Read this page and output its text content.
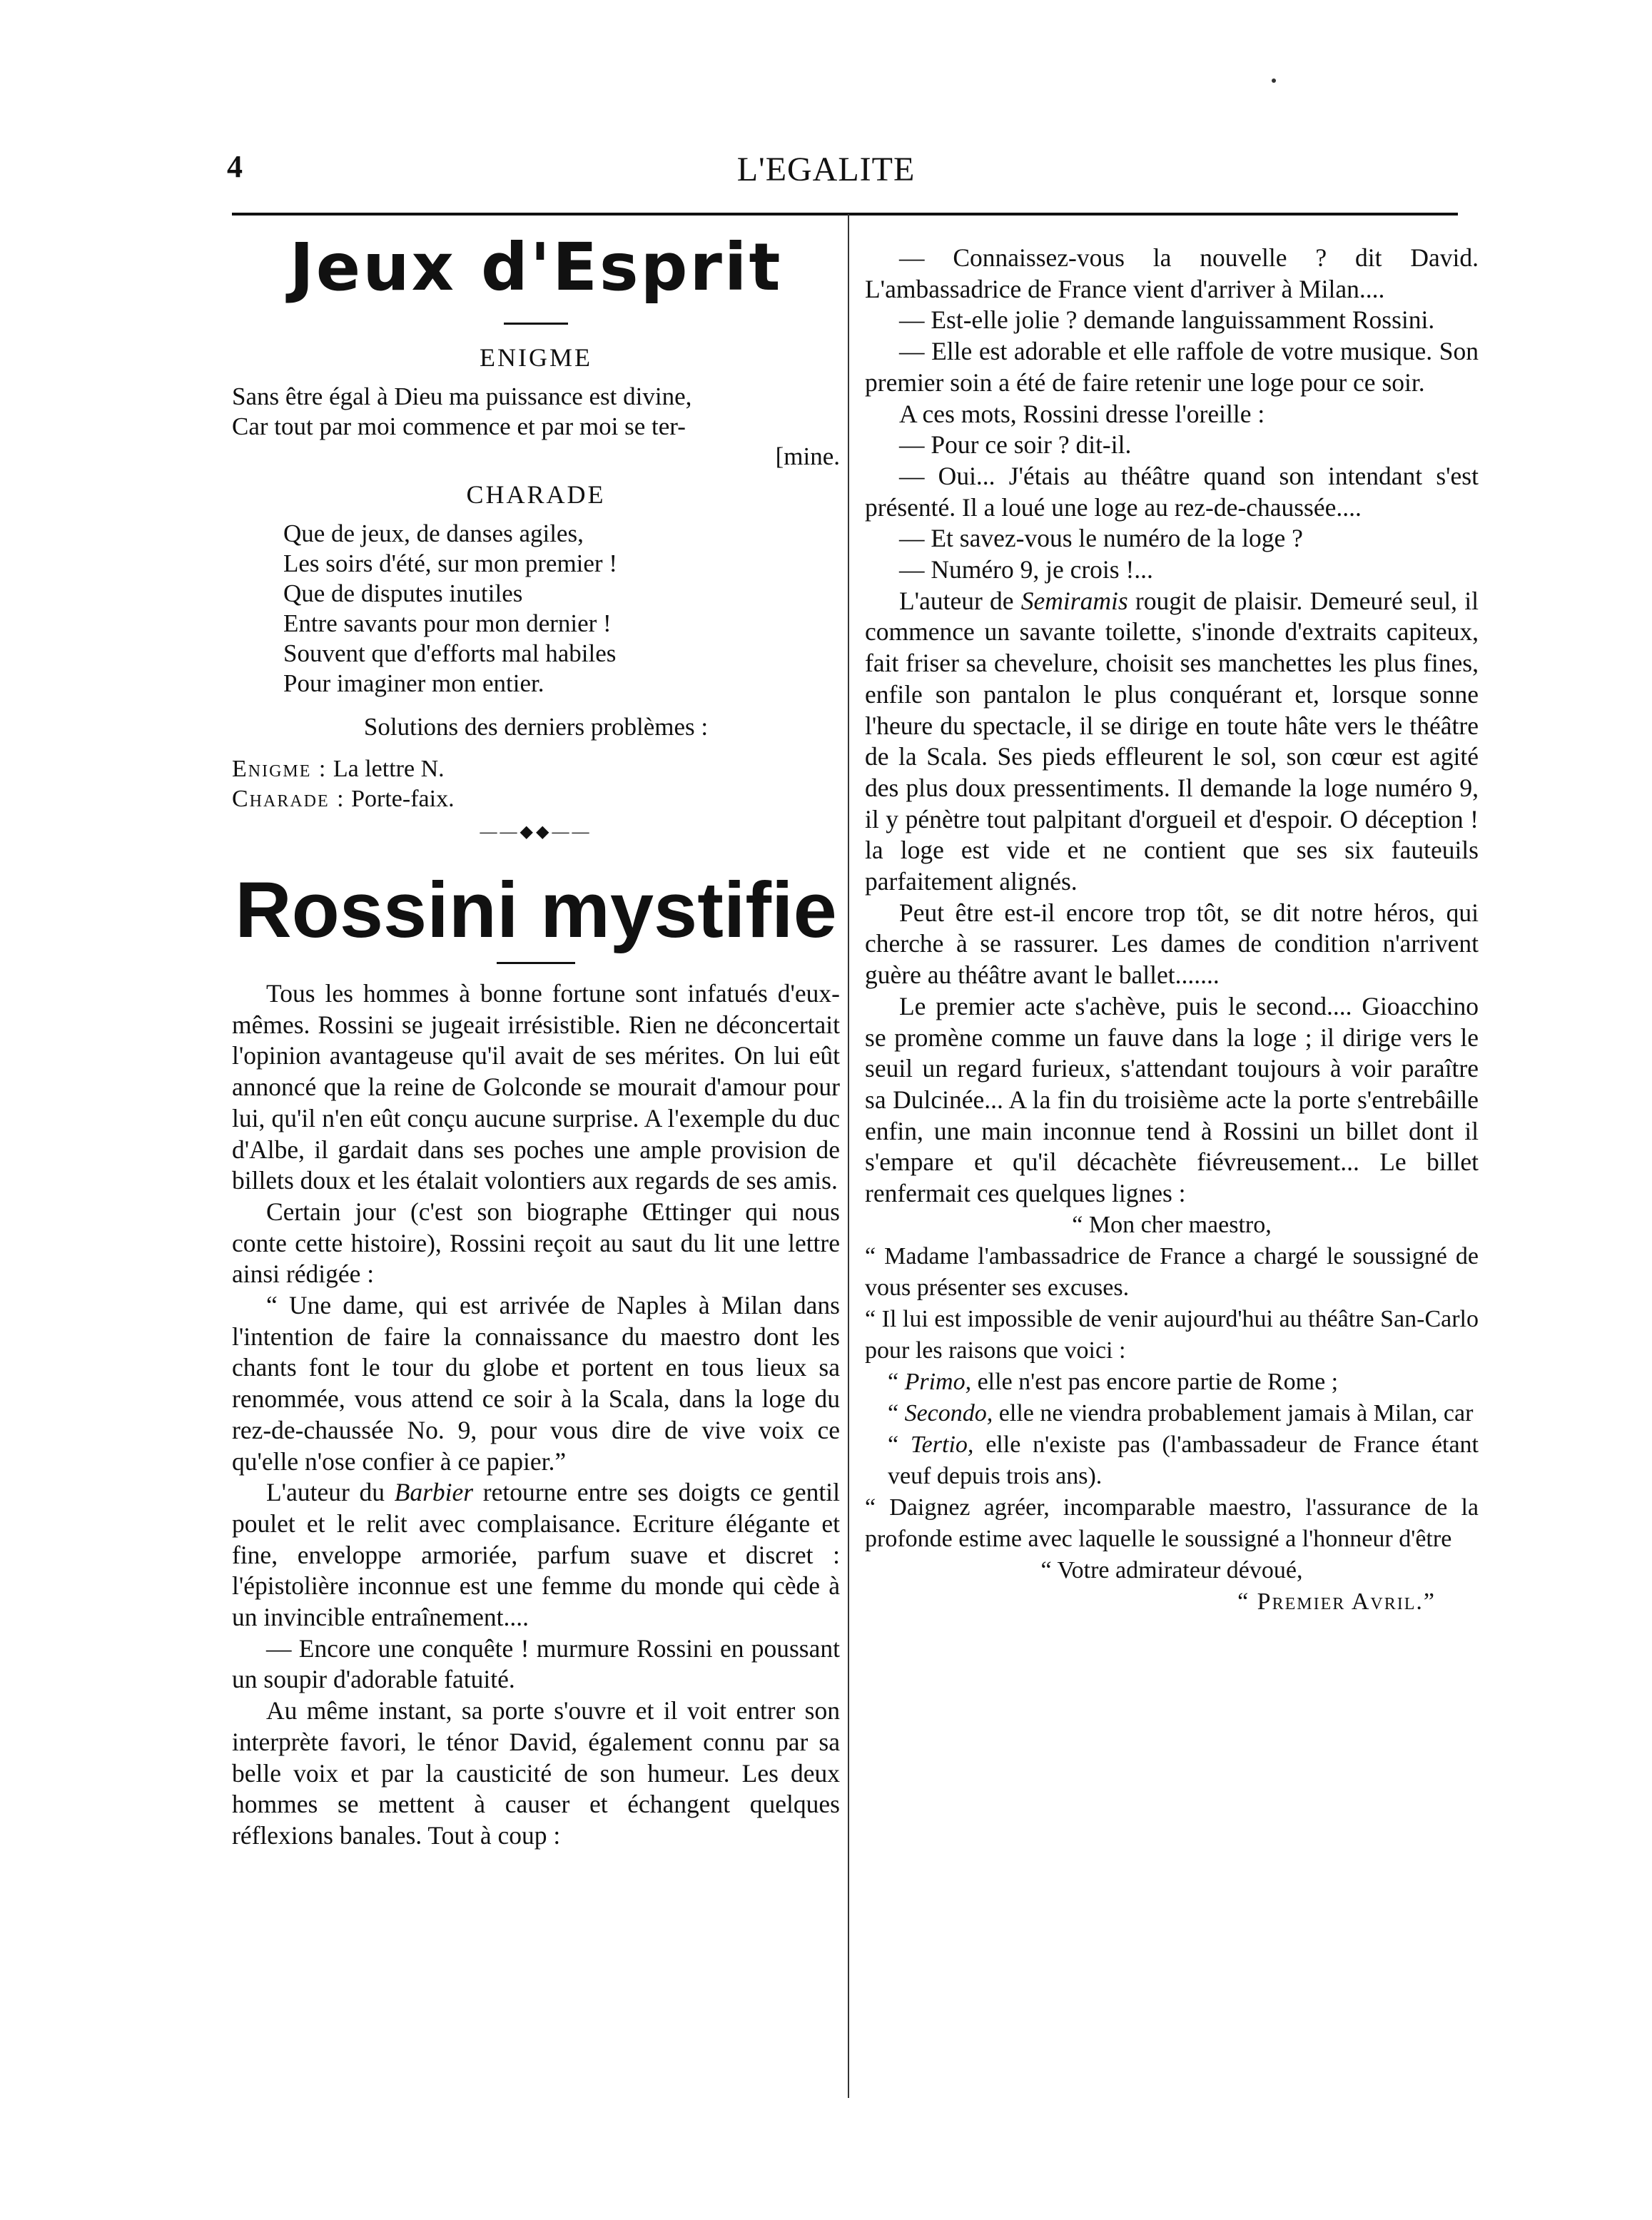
4	L'EGALITE
Jeux d'Esprit
ENIGME
Sans être égal à Dieu ma puissance est divine,
Car tout par moi commence et par moi se ter-
[mine.
CHARADE
Que de jeux, de danses agiles,
Les soirs d'été, sur mon premier !
Que de disputes inutiles
Entre savants pour mon dernier !
Souvent que d'efforts mal habiles
Pour imaginer mon entier.
Solutions des derniers problèmes :
Enigme : La lettre N.
Charade : Porte-faix.
——◆◆——
Rossini mystifie

Tous les hommes à bonne fortune sont infatués d'eux-mêmes. Rossini se jugeait irrésistible. Rien ne déconcertait l'opinion avantageuse qu'il avait de ses mérites. On lui eût annoncé que la reine de Golconde se mourait d'amour pour lui, qu'il n'en eût conçu aucune surprise. A l'exemple du duc d'Albe, il gardait dans ses poches une ample provision de billets doux et les étalait volontiers aux regards de ses amis.

Certain jour (c'est son biographe Œttinger qui nous conte cette histoire), Rossini reçoit au saut du lit une lettre ainsi rédigée :

“ Une dame, qui est arrivée de Naples à Milan dans l'intention de faire la connaissance du maestro dont les chants font le tour du globe et portent en tous lieux sa renommée, vous attend ce soir à la Scala, dans la loge du rez-de-chaussée No. 9, pour vous dire de vive voix ce qu'elle n'ose confier à ce papier.”

L'auteur du Barbier retourne entre ses doigts ce gentil poulet et le relit avec complaisance. Ecriture élégante et fine, enveloppe armoriée, parfum suave et discret : l'épistolière inconnue est une femme du monde qui cède à un invincible entraînement....

— Encore une conquête ! murmure Rossini en poussant un soupir d'adorable fatuité.

Au même instant, sa porte s'ouvre et il voit entrer son interprète favori, le ténor David, également connu par sa belle voix et par la causticité de son humeur. Les deux hommes se mettent à causer et échangent quelques réflexions banales. Tout à coup :

— Connaissez-vous la nouvelle ? dit David. L'ambassadrice de France vient d'arriver à Milan....

— Est-elle jolie ? demande languissamment Rossini.

— Elle est adorable et elle raffole de votre musique. Son premier soin a été de faire retenir une loge pour ce soir.

A ces mots, Rossini dresse l'oreille :

— Pour ce soir ? dit-il.

— Oui... J'étais au théâtre quand son intendant s'est présenté. Il a loué une loge au rez-de-chaussée....

— Et savez-vous le numéro de la loge ?

— Numéro 9, je crois !...

L'auteur de Semiramis rougit de plaisir. Demeuré seul, il commence un savante toilette, s'inonde d'extraits capiteux, fait friser sa chevelure, choisit ses manchettes les plus fines, enfile son pantalon le plus conquérant et, lorsque sonne l'heure du spectacle, il se dirige en toute hâte vers le théâtre de la Scala. Ses pieds effleurent le sol, son cœur est agité des plus doux pressentiments. Il demande la loge numéro 9, il y pénètre tout palpitant d'orgueil et d'espoir. O déception ! la loge est vide et ne contient que ses six fauteuils parfaitement alignés.

Peut être est-il encore trop tôt, se dit notre héros, qui cherche à se rassurer. Les dames de condition n'arrivent guère au théâtre avant le ballet.......

Le premier acte s'achève, puis le second.... Gioacchino se promène comme un fauve dans la loge ; il dirige vers le seuil un regard furieux, s'attendant toujours à voir paraître sa Dulcinée... A la fin du troisième acte la porte s'entrebâille enfin, une main inconnue tend à Rossini un billet dont il s'empare et qu'il décachète fiévreusement... Le billet renfermait ces quelques lignes :

“ Mon cher maestro,

“ Madame l'ambassadrice de France a chargé le soussigné de vous présenter ses excuses.

“ Il lui est impossible de venir aujourd'hui au théâtre San-Carlo pour les raisons que voici :

“ Primo, elle n'est pas encore partie de Rome ;

“ Secondo, elle ne viendra probablement jamais à Milan, car

“ Tertio, elle n'existe pas (l'ambassadeur de France étant veuf depuis trois ans).

“ Daignez agréer, incomparable maestro, l'assurance de la profonde estime avec laquelle le soussigné a l'honneur d'être

“ Votre admirateur dévoué,

“ Premier Avril.”
